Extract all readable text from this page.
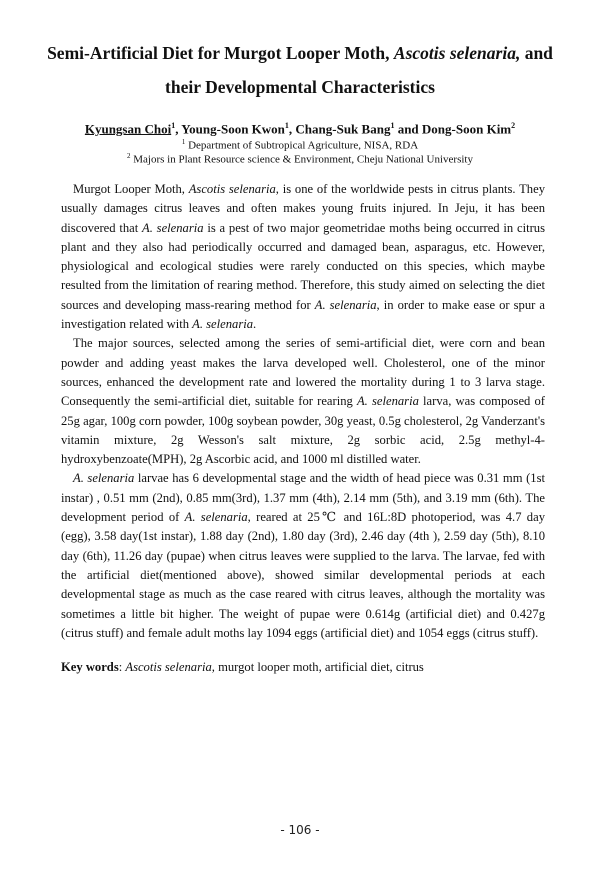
Semi-Artificial Diet for Murgot Looper Moth, Ascotis selenaria, and
their Developmental Characteristics
Kyungsan Choi$^1$, Young-Soon Kwon$^1$, Chang-Suk Bang$^1$ and Dong-Soon Kim$^2$
$^1$ Department of Subtropical Agriculture, NISA, RDA
$^2$ Majors in Plant Resource science & Environment, Cheju National University

Murgot Looper Moth, Ascotis selenaria, is one of the worldwide pests in citrus plants. They usually damages citrus leaves and often makes young fruits injured. In Jeju, it has been discovered that A. selenaria is a pest of two major geometridae moths being occurred in citrus plant and they also had periodically occurred and damaged bean, asparagus, etc. However, physiological and ecological studies were rarely conducted on this species, which maybe resulted from the limitation of rearing method. Therefore, this study aimed on selecting the diet sources and developing mass-rearing method for A. selenaria, in order to make ease or spur a investigation related with A. selenaria.

The major sources, selected among the series of semi-artificial diet, were corn and bean powder and adding yeast makes the larva developed well. Cholesterol, one of the minor sources, enhanced the development rate and lowered the mortality during 1 to 3 larva stage. Consequently the semi-artificial diet, suitable for rearing A. selenaria larva, was composed of 25g agar, 100g corn powder, 100g soybean powder, 30g yeast, 0.5g cholesterol, 2g Vanderzant's vitamin mixture, 2g Wesson's salt mixture, 2g sorbic acid, 2.5g methyl-4-hydroxybenzoate(MPH), 2g Ascorbic acid, and 1000 ml distilled water.

A. selenaria larvae has 6 developmental stage and the width of head piece was 0.31 mm (1st instar) , 0.51 mm (2nd), 0.85 mm(3rd), 1.37 mm (4th), 2.14 mm (5th), and 3.19 mm (6th). The development period of A. selenaria, reared at 25℃ and 16L:8D photoperiod, was 4.7 day (egg), 3.58 day(1st instar), 1.88 day (2nd), 1.80 day (3rd), 2.46 day (4th ), 2.59 day (5th), 8.10 day (6th), 11.26 day (pupae) when citrus leaves were supplied to the larva. The larvae, fed with the artificial diet(mentioned above), showed similar developmental periods at each developmental stage as much as the case reared with citrus leaves, although the mortality was sometimes a little bit higher. The weight of pupae were 0.614g (artificial diet) and 0.427g (citrus stuff) and female adult moths lay 1094 eggs (artificial diet) and 1054 eggs (citrus stuff).

Key words: Ascotis selenaria, murgot looper moth, artificial diet, citrus
- 106 -
